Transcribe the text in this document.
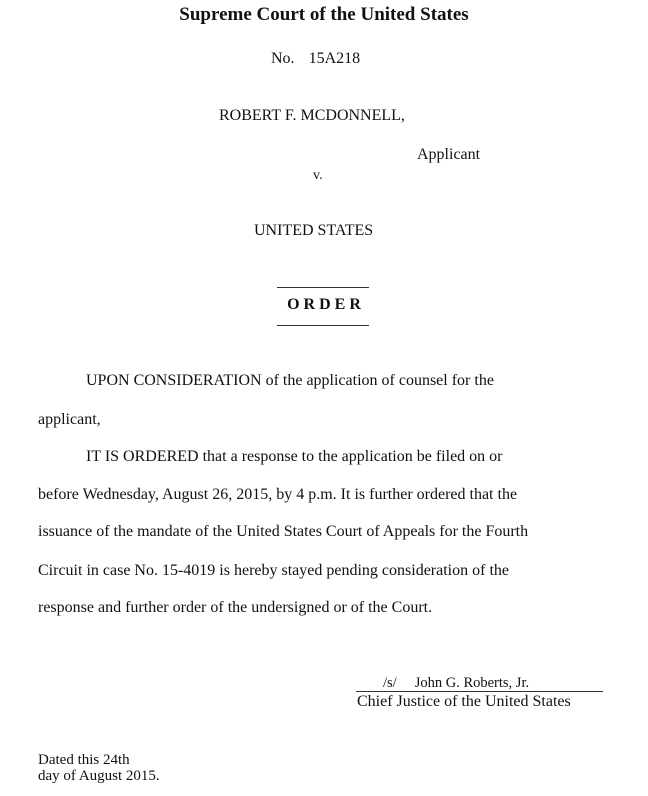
Supreme Court of the United States
No. 15A218
ROBERT F. MCDONNELL,
Applicant
v.
UNITED STATES
ORDER
UPON CONSIDERATION of the application of counsel for the
applicant,
IT IS ORDERED that a response to the application be filed on or
before Wednesday, August 26, 2015, by 4 p.m. It is further ordered that the
issuance of the mandate of the United States Court of Appeals for the Fourth
Circuit in case No. 15-4019 is hereby stayed pending consideration of the
response and further order of the undersigned or of the Court.
/s/ John G. Roberts, Jr.
Chief Justice of the United States
Dated this 24th
day of August 2015.
